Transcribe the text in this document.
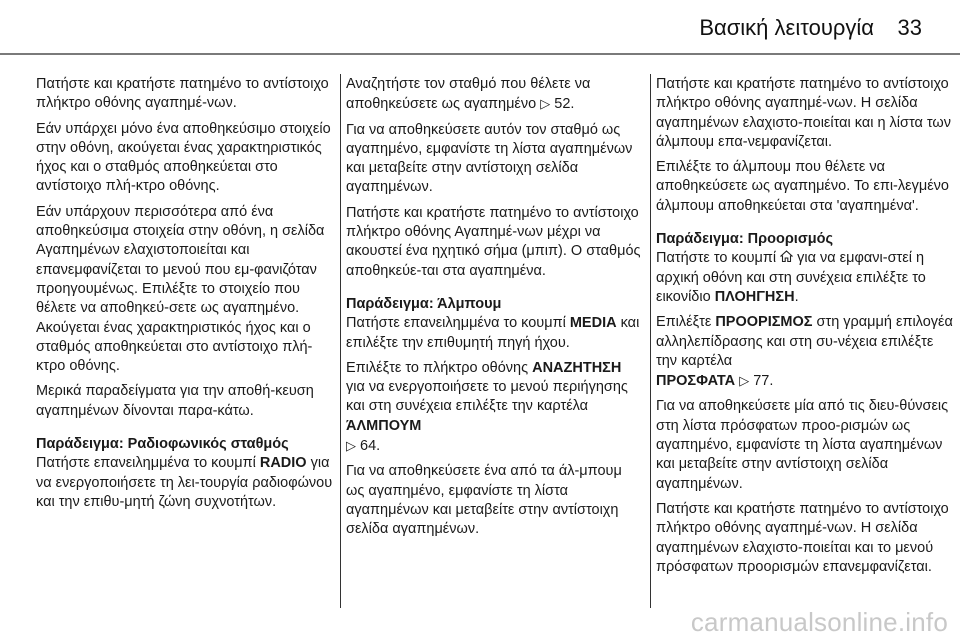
Βασική λειτουργία 33

Πατήστε και κρατήστε πατημένο το αντίστοιχο πλήκτρο οθόνης αγαπημέ-νων.

Εάν υπάρχει μόνο ένα αποθηκεύσιμο στοιχείο στην οθόνη, ακούγεται ένας χαρακτηριστικός ήχος και ο σταθμός αποθηκεύεται στο αντίστοιχο πλή-κτρο οθόνης.

Εάν υπάρχουν περισσότερα από ένα αποθηκεύσιμα στοιχεία στην οθόνη, η σελίδα Αγαπημένων ελαχιστοποιείται και επανεμφανίζεται το μενού που εμ-φανιζόταν προηγουμένως. Επιλέξτε το στοιχείο που θέλετε να αποθηκεύ-σετε ως αγαπημένο. Ακούγεται ένας χαρακτηριστικός ήχος και ο σταθμός αποθηκεύεται στο αντίστοιχο πλή-κτρο οθόνης.

Μερικά παραδείγματα για την αποθή-κευση αγαπημένων δίνονται παρα-κάτω.

Παράδειγμα: Ραδιοφωνικός σταθμός

Πατήστε επανειλημμένα το κουμπί RADIO για να ενεργοποιήσετε τη λει-τουργία ραδιοφώνου και την επιθυ-μητή ζώνη συχνοτήτων.

Αναζητήστε τον σταθμό που θέλετε να αποθηκεύσετε ως αγαπημένο ▷ 52.

Για να αποθηκεύσετε αυτόν τον σταθμό ως αγαπημένο, εμφανίστε τη λίστα αγαπημένων και μεταβείτε στην αντίστοιχη σελίδα αγαπημένων.

Πατήστε και κρατήστε πατημένο το αντίστοιχο πλήκτρο οθόνης Αγαπημέ-νων μέχρι να ακουστεί ένα ηχητικό σήμα (μπιπ). Ο σταθμός αποθηκεύε-ται στα αγαπημένα.

Παράδειγμα: Άλμπουμ

Πατήστε επανειλημμένα το κουμπί MEDIA και επιλέξτε την επιθυμητή πηγή ήχου.

Επιλέξτε το πλήκτρο οθόνης ΑΝΑΖΗΤΗΣΗ για να ενεργοποιήσετε το μενού περιήγησης και στη συνέχεια επιλέξτε την καρτέλα ΆΛΜΠΟΥΜ
▷ 64.

Για να αποθηκεύσετε ένα από τα άλ-μπουμ ως αγαπημένο, εμφανίστε τη λίστα αγαπημένων και μεταβείτε στην αντίστοιχη σελίδα αγαπημένων.

Πατήστε και κρατήστε πατημένο το αντίστοιχο πλήκτρο οθόνης αγαπημέ-νων. Η σελίδα αγαπημένων ελαχιστο-ποιείται και η λίστα των άλμπουμ επα-νεμφανίζεται.

Επιλέξτε το άλμπουμ που θέλετε να αποθηκεύσετε ως αγαπημένο. Το επι-λεγμένο άλμπουμ αποθηκεύεται στα 'αγαπημένα'.

Παράδειγμα: Προορισμός

Πατήστε το κουμπί για να εμφανι-στεί η αρχική οθόνη και στη συνέχεια επιλέξτε το εικονίδιο ΠΛΟΗΓΗΣΗ.

Επιλέξτε ΠΡΟΟΡΙΣΜΟΣ στη γραμμή επιλογέα αλληλεπίδρασης και στη συ-νέχεια επιλέξτε την καρτέλα
ΠΡΟΣΦΑΤΑ ▷ 77.

Για να αποθηκεύσετε μία από τις διευ-θύνσεις στη λίστα πρόσφατων προο-ρισμών ως αγαπημένο, εμφανίστε τη λίστα αγαπημένων και μεταβείτε στην αντίστοιχη σελίδα αγαπημένων.

Πατήστε και κρατήστε πατημένο το αντίστοιχο πλήκτρο οθόνης αγαπημέ-νων. Η σελίδα αγαπημένων ελαχιστο-ποιείται και το μενού πρόσφατων προορισμών επανεμφανίζεται.

carmanualsonline.info
